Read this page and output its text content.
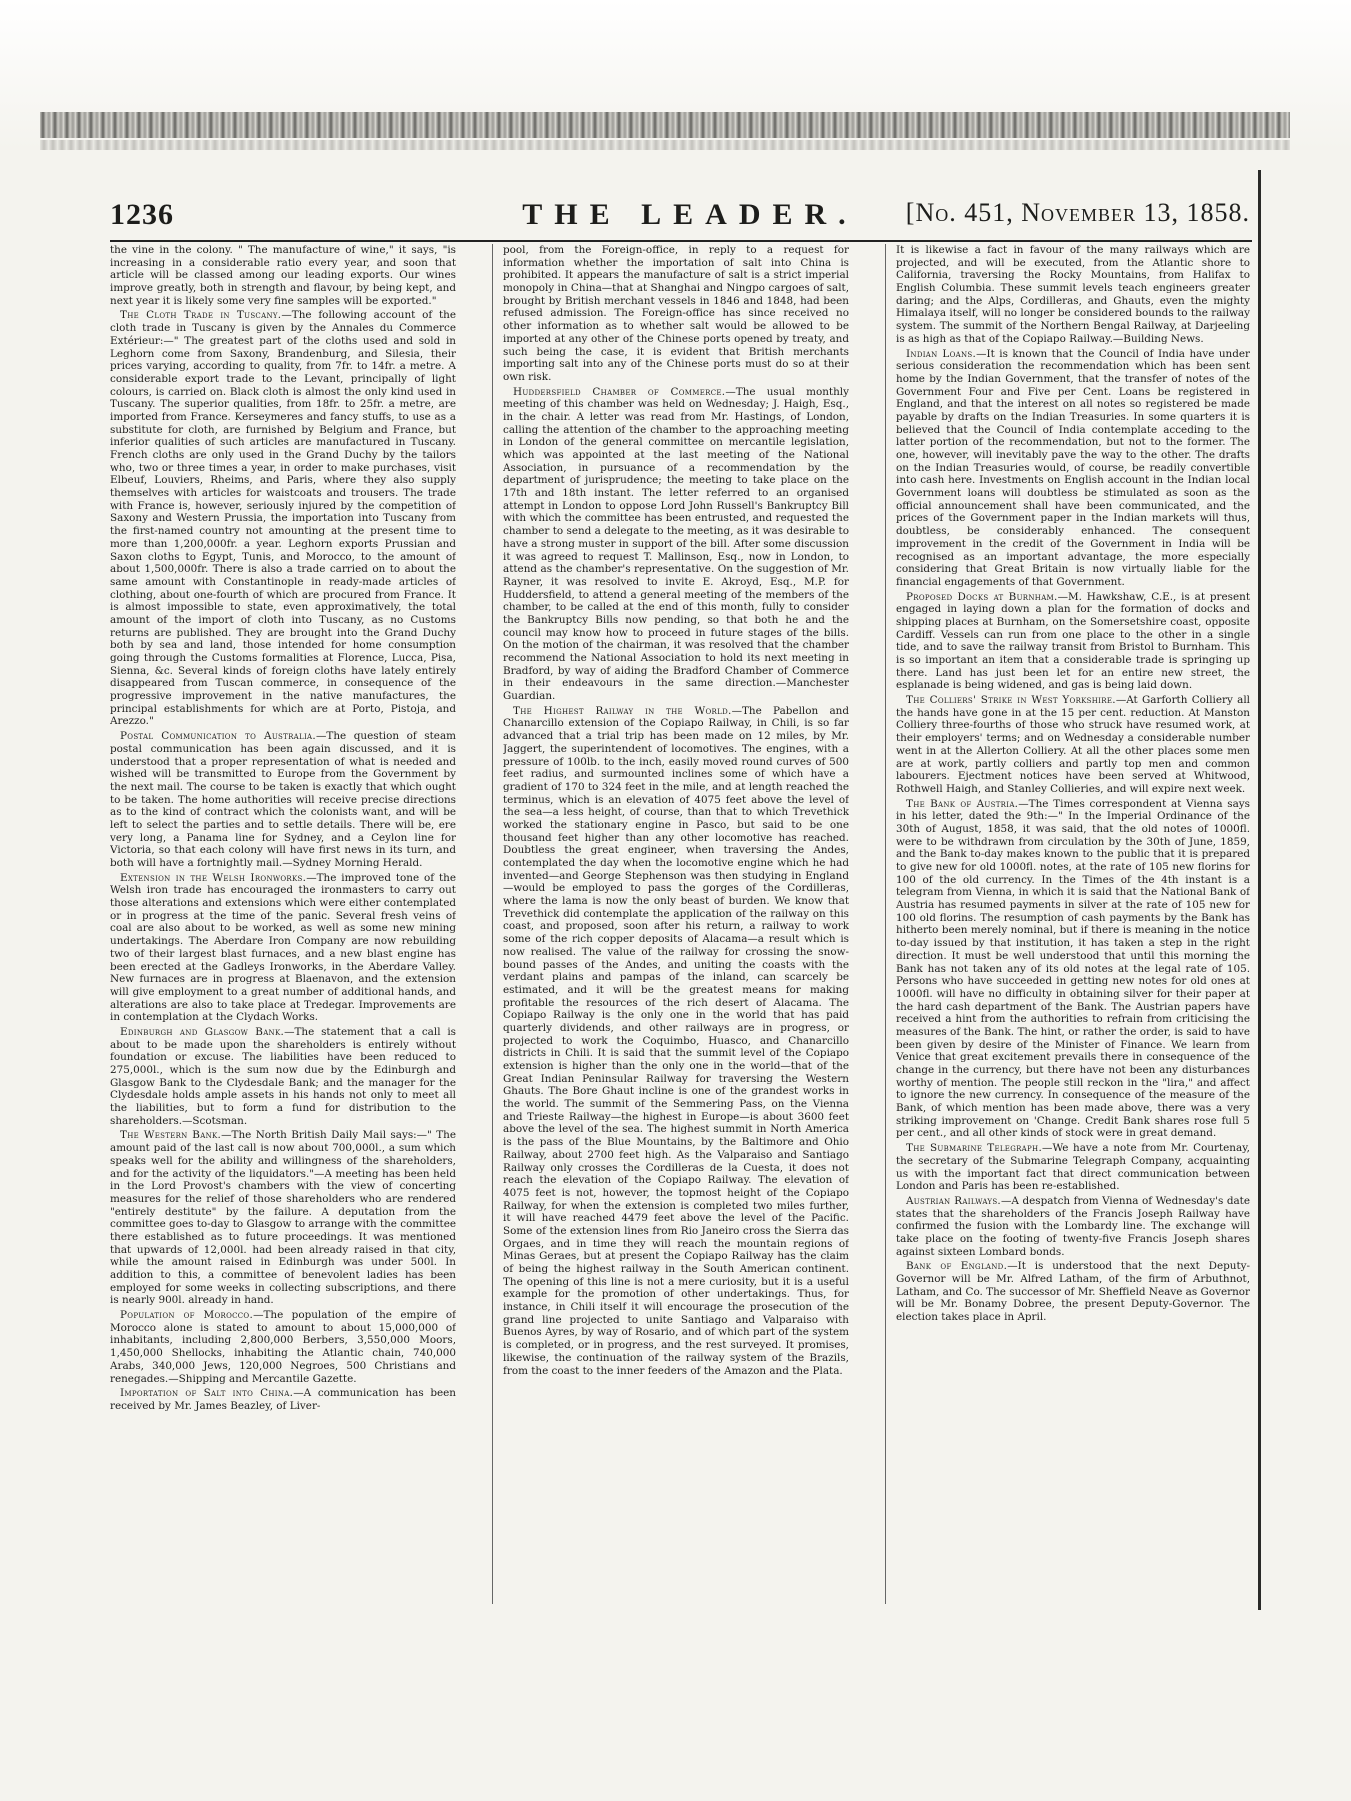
1236	THE LEADER.	[No. 451, November 13, 1858.

the vine in the colony. " The manufacture of wine," it says, "is increasing in a considerable ratio every year, and soon that article will be classed among our leading exports. Our wines improve greatly, both in strength and flavour, by being kept, and next year it is likely some very fine samples will be exported."

The Cloth Trade in Tuscany.—The following account of the cloth trade in Tuscany is given by the Annales du Commerce Extérieur:—" The greatest part of the cloths used and sold in Leghorn come from Saxony, Brandenburg, and Silesia, their prices varying, according to quality, from 7fr. to 14fr. a metre. A considerable export trade to the Levant, principally of light colours, is carried on. Black cloth is almost the only kind used in Tuscany. The superior qualities, from 18fr. to 25fr. a metre, are imported from France. Kerseymeres and fancy stuffs, to use as a substitute for cloth, are furnished by Belgium and France, but inferior qualities of such articles are manufactured in Tuscany. French cloths are only used in the Grand Duchy by the tailors who, two or three times a year, in order to make purchases, visit Elbeuf, Louviers, Rheims, and Paris, where they also supply themselves with articles for waistcoats and trousers. The trade with France is, however, seriously injured by the competition of Saxony and Western Prussia, the importation into Tuscany from the first-named country not amounting at the present time to more than 1,200,000fr. a year. Leghorn exports Prussian and Saxon cloths to Egypt, Tunis, and Morocco, to the amount of about 1,500,000fr. There is also a trade carried on to about the same amount with Constantinople in ready-made articles of clothing, about one-fourth of which are procured from France. It is almost impossible to state, even approximatively, the total amount of the import of cloth into Tuscany, as no Customs returns are published. They are brought into the Grand Duchy both by sea and land, those intended for home consumption going through the Customs formalities at Florence, Lucca, Pisa, Sienna, &c. Several kinds of foreign cloths have lately entirely disappeared from Tuscan commerce, in consequence of the progressive improvement in the native manufactures, the principal establishments for which are at Porto, Pistoja, and Arezzo."

Postal Communication to Australia.—The question of steam postal communication has been again discussed, and it is understood that a proper representation of what is needed and wished will be transmitted to Europe from the Government by the next mail. The course to be taken is exactly that which ought to be taken. The home authorities will receive precise directions as to the kind of contract which the colonists want, and will be left to select the parties and to settle details. There will be, ere very long, a Panama line for Sydney, and a Ceylon line for Victoria, so that each colony will have first news in its turn, and both will have a fortnightly mail.—Sydney Morning Herald.

Extension in the Welsh Ironworks.—The improved tone of the Welsh iron trade has encouraged the ironmasters to carry out those alterations and extensions which were either contemplated or in progress at the time of the panic. Several fresh veins of coal are also about to be worked, as well as some new mining undertakings. The Aberdare Iron Company are now rebuilding two of their largest blast furnaces, and a new blast engine has been erected at the Gadleys Ironworks, in the Aberdare Valley. New furnaces are in progress at Blaenavon, and the extension will give employment to a great number of additional hands, and alterations are also to take place at Tredegar. Improvements are in contemplation at the Clydach Works.

Edinburgh and Glasgow Bank.—The statement that a call is about to be made upon the shareholders is entirely without foundation or excuse. The liabilities have been reduced to 275,000l., which is the sum now due by the Edinburgh and Glasgow Bank to the Clydesdale Bank; and the manager for the Clydesdale holds ample assets in his hands not only to meet all the liabilities, but to form a fund for distribution to the shareholders.—Scotsman.

The Western Bank.—The North British Daily Mail says:—" The amount paid of the last call is now about 700,000l., a sum which speaks well for the ability and willingness of the shareholders, and for the activity of the liquidators."—A meeting has been held in the Lord Provost's chambers with the view of concerting measures for the relief of those shareholders who are rendered "entirely destitute" by the failure. A deputation from the committee goes to-day to Glasgow to arrange with the committee there established as to future proceedings. It was mentioned that upwards of 12,000l. had been already raised in that city, while the amount raised in Edinburgh was under 500l. In addition to this, a committee of benevolent ladies has been employed for some weeks in collecting subscriptions, and there is nearly 900l. already in hand.

Population of Morocco.—The population of the empire of Morocco alone is stated to amount to about 15,000,000 of inhabitants, including 2,800,000 Berbers, 3,550,000 Moors, 1,450,000 Shellocks, inhabiting the Atlantic chain, 740,000 Arabs, 340,000 Jews, 120,000 Negroes, 500 Christians and renegades.—Shipping and Mercantile Gazette.

Importation of Salt into China.—A communication has been received by Mr. James Beazley, of Liver-

pool, from the Foreign-office, in reply to a request for information whether the importation of salt into China is prohibited. It appears the manufacture of salt is a strict imperial monopoly in China—that at Shanghai and Ningpo cargoes of salt, brought by British merchant vessels in 1846 and 1848, had been refused admission. The Foreign-office has since received no other information as to whether salt would be allowed to be imported at any other of the Chinese ports opened by treaty, and such being the case, it is evident that British merchants importing salt into any of the Chinese ports must do so at their own risk.

Huddersfield Chamber of Commerce.—The usual monthly meeting of this chamber was held on Wednesday; J. Haigh, Esq., in the chair. A letter was read from Mr. Hastings, of London, calling the attention of the chamber to the approaching meeting in London of the general committee on mercantile legislation, which was appointed at the last meeting of the National Association, in pursuance of a recommendation by the department of jurisprudence; the meeting to take place on the 17th and 18th instant. The letter referred to an organised attempt in London to oppose Lord John Russell's Bankruptcy Bill with which the committee has been entrusted, and requested the chamber to send a delegate to the meeting, as it was desirable to have a strong muster in support of the bill. After some discussion it was agreed to request T. Mallinson, Esq., now in London, to attend as the chamber's representative. On the suggestion of Mr. Rayner, it was resolved to invite E. Akroyd, Esq., M.P. for Huddersfield, to attend a general meeting of the members of the chamber, to be called at the end of this month, fully to consider the Bankruptcy Bills now pending, so that both he and the council may know how to proceed in future stages of the bills. On the motion of the chairman, it was resolved that the chamber recommend the National Association to hold its next meeting in Bradford, by way of aiding the Bradford Chamber of Commerce in their endeavours in the same direction.—Manchester Guardian.

The Highest Railway in the World.—The Pabellon and Chanarcillo extension of the Copiapo Railway, in Chili, is so far advanced that a trial trip has been made on 12 miles, by Mr. Jaggert, the superintendent of locomotives. The engines, with a pressure of 100lb. to the inch, easily moved round curves of 500 feet radius, and surmounted inclines some of which have a gradient of 170 to 324 feet in the mile, and at length reached the terminus, which is an elevation of 4075 feet above the level of the sea—a less height, of course, than that to which Trevethick worked the stationary engine in Pasco, but said to be one thousand feet higher than any other locomotive has reached. Doubtless the great engineer, when traversing the Andes, contemplated the day when the locomotive engine which he had invented—and George Stephenson was then studying in England—would be employed to pass the gorges of the Cordilleras, where the lama is now the only beast of burden. We know that Trevethick did contemplate the application of the railway on this coast, and proposed, soon after his return, a railway to work some of the rich copper deposits of Alacama—a result which is now realised. The value of the railway for crossing the snow-bound passes of the Andes, and uniting the coasts with the verdant plains and pampas of the inland, can scarcely be estimated, and it will be the greatest means for making profitable the resources of the rich desert of Alacama. The Copiapo Railway is the only one in the world that has paid quarterly dividends, and other railways are in progress, or projected to work the Coquimbo, Huasco, and Chanarcillo districts in Chili. It is said that the summit level of the Copiapo extension is higher than the only one in the world—that of the Great Indian Peninsular Railway for traversing the Western Ghauts. The Bore Ghaut incline is one of the grandest works in the world. The summit of the Semmering Pass, on the Vienna and Trieste Railway—the highest in Europe—is about 3600 feet above the level of the sea. The highest summit in North America is the pass of the Blue Mountains, by the Baltimore and Ohio Railway, about 2700 feet high. As the Valparaiso and Santiago Railway only crosses the Cordilleras de la Cuesta, it does not reach the elevation of the Copiapo Railway. The elevation of 4075 feet is not, however, the topmost height of the Copiapo Railway, for when the extension is completed two miles further, it will have reached 4479 feet above the level of the Pacific. Some of the extension lines from Rio Janeiro cross the Sierra das Orgaes, and in time they will reach the mountain regions of Minas Geraes, but at present the Copiapo Railway has the claim of being the highest railway in the South American continent. The opening of this line is not a mere curiosity, but it is a useful example for the promotion of other undertakings. Thus, for instance, in Chili itself it will encourage the prosecution of the grand line projected to unite Santiago and Valparaiso with Buenos Ayres, by way of Rosario, and of which part of the system is completed, or in progress, and the rest surveyed. It promises, likewise, the continuation of the railway system of the Brazils, from the coast to the inner feeders of the Amazon and the Plata.

It is likewise a fact in favour of the many railways which are projected, and will be executed, from the Atlantic shore to California, traversing the Rocky Mountains, from Halifax to English Columbia. These summit levels teach engineers greater daring; and the Alps, Cordilleras, and Ghauts, even the mighty Himalaya itself, will no longer be considered bounds to the railway system. The summit of the Northern Bengal Railway, at Darjeeling is as high as that of the Copiapo Railway.—Building News.

Indian Loans.—It is known that the Council of India have under serious consideration the recommendation which has been sent home by the Indian Government, that the transfer of notes of the Government Four and Five per Cent. Loans be registered in England, and that the interest on all notes so registered be made payable by drafts on the Indian Treasuries. In some quarters it is believed that the Council of India contemplate acceding to the latter portion of the recommendation, but not to the former. The one, however, will inevitably pave the way to the other. The drafts on the Indian Treasuries would, of course, be readily convertible into cash here. Investments on English account in the Indian local Government loans will doubtless be stimulated as soon as the official announcement shall have been communicated, and the prices of the Government paper in the Indian markets will thus, doubtless, be considerably enhanced. The consequent improvement in the credit of the Government in India will be recognised as an important advantage, the more especially considering that Great Britain is now virtually liable for the financial engagements of that Government.

Proposed Docks at Burnham.—M. Hawkshaw, C.E., is at present engaged in laying down a plan for the formation of docks and shipping places at Burnham, on the Somersetshire coast, opposite Cardiff. Vessels can run from one place to the other in a single tide, and to save the railway transit from Bristol to Burnham. This is so important an item that a considerable trade is springing up there. Land has just been let for an entire new street, the esplanade is being widened, and gas is being laid down.

The Colliers' Strike in West Yorkshire.—At Garforth Colliery all the hands have gone in at the 15 per cent. reduction. At Manston Colliery three-fourths of those who struck have resumed work, at their employers' terms; and on Wednesday a considerable number went in at the Allerton Colliery. At all the other places some men are at work, partly colliers and partly top men and common labourers. Ejectment notices have been served at Whitwood, Rothwell Haigh, and Stanley Collieries, and will expire next week.

The Bank of Austria.—The Times correspondent at Vienna says in his letter, dated the 9th:—" In the Imperial Ordinance of the 30th of August, 1858, it was said, that the old notes of 1000fl. were to be withdrawn from circulation by the 30th of June, 1859, and the Bank to-day makes known to the public that it is prepared to give new for old 1000fl. notes, at the rate of 105 new florins for 100 of the old currency. In the Times of the 4th instant is a telegram from Vienna, in which it is said that the National Bank of Austria has resumed payments in silver at the rate of 105 new for 100 old florins. The resumption of cash payments by the Bank has hitherto been merely nominal, but if there is meaning in the notice to-day issued by that institution, it has taken a step in the right direction. It must be well understood that until this morning the Bank has not taken any of its old notes at the legal rate of 105. Persons who have succeeded in getting new notes for old ones at 1000fl. will have no difficulty in obtaining silver for their paper at the hard cash department of the Bank. The Austrian papers have received a hint from the authorities to refrain from criticising the measures of the Bank. The hint, or rather the order, is said to have been given by desire of the Minister of Finance. We learn from Venice that great excitement prevails there in consequence of the change in the currency, but there have not been any disturbances worthy of mention. The people still reckon in the "lira," and affect to ignore the new currency. In consequence of the measure of the Bank, of which mention has been made above, there was a very striking improvement on 'Change. Credit Bank shares rose full 5 per cent., and all other kinds of stock were in great demand.

The Submarine Telegraph.—We have a note from Mr. Courtenay, the secretary of the Submarine Telegraph Company, acquainting us with the important fact that direct communication between London and Paris has been re-established.

Austrian Railways.—A despatch from Vienna of Wednesday's date states that the shareholders of the Francis Joseph Railway have confirmed the fusion with the Lombardy line. The exchange will take place on the footing of twenty-five Francis Joseph shares against sixteen Lombard bonds.

Bank of England.—It is understood that the next Deputy-Governor will be Mr. Alfred Latham, of the firm of Arbuthnot, Latham, and Co. The successor of Mr. Sheffield Neave as Governor will be Mr. Bonamy Dobree, the present Deputy-Governor. The election takes place in April.
